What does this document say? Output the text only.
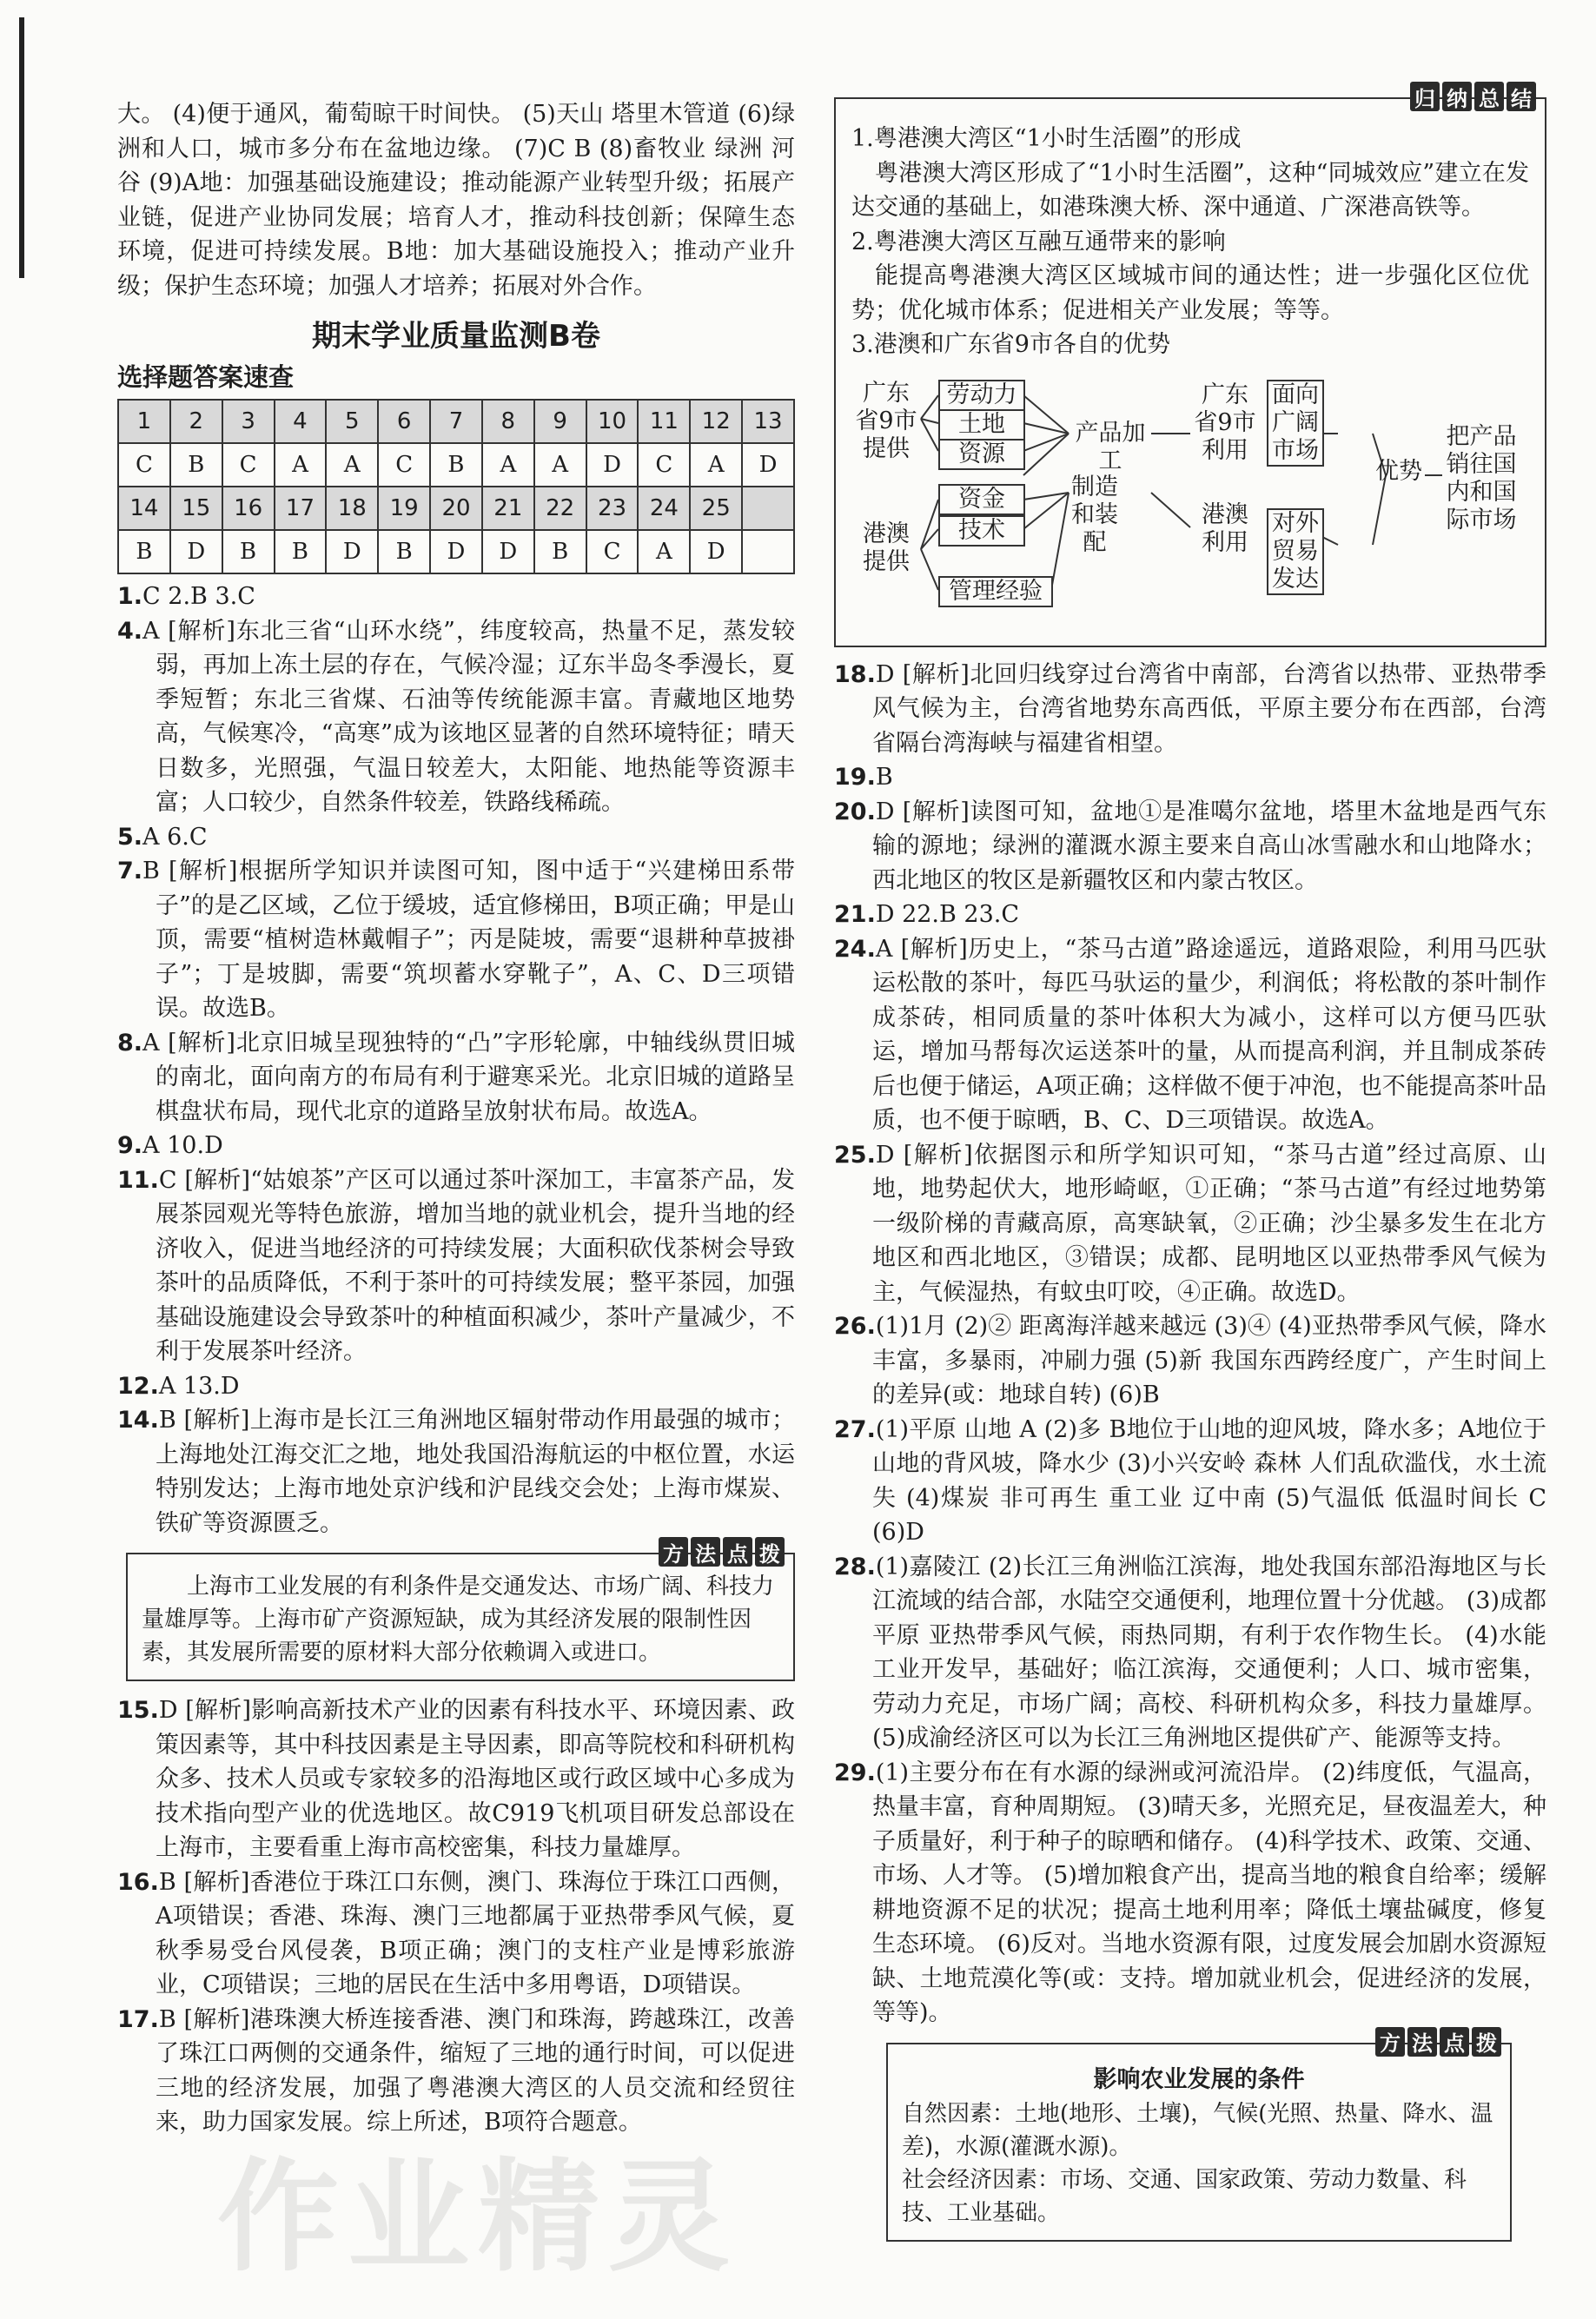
大。 (4)便于通风，葡萄晾干时间快。 (5)天山 塔里木管道 (6)绿洲和人口，城市多分布在盆地边缘。 (7)C B (8)畜牧业 绿洲 河谷 (9)A地：加强基础设施建设；推动能源产业转型升级；拓展产业链，促进产业协同发展；培育人才，推动科技创新；保障生态环境，促进可持续发展。B地：加大基础设施投入；推动产业升级；保护生态环境；加强人才培养；拓展对外合作。

期末学业质量监测B卷
选择题答案速查
1	2	3	4	5	6	7	8	9	10	11	12	13
C	B	C	A	A	C	B	A	A	D	C	A	D
14	15	16	17	18	19	20	21	22	23	24	25	
B	D	B	B	D	B	D	D	B	C	A	D	

1.C 2.B 3.C

4.A [解析]东北三省“山环水绕”，纬度较高，热量不足，蒸发较弱，再加上冻土层的存在，气候冷湿；辽东半岛冬季漫长，夏季短暂；东北三省煤、石油等传统能源丰富。青藏地区地势高，气候寒冷，“高寒”成为该地区显著的自然环境特征；晴天日数多，光照强，气温日较差大，太阳能、地热能等资源丰富；人口较少，自然条件较差，铁路线稀疏。

5.A 6.C

7.B [解析]根据所学知识并读图可知，图中适于“兴建梯田系带子”的是乙区域，乙位于缓坡，适宜修梯田，B项正确；甲是山顶，需要“植树造林戴帽子”；丙是陡坡，需要“退耕种草披褂子”；丁是坡脚，需要“筑坝蓄水穿靴子”，A、C、D三项错误。故选B。

8.A [解析]北京旧城呈现独特的“凸”字形轮廓，中轴线纵贯旧城的南北，面向南方的布局有利于避寒采光。北京旧城的道路呈棋盘状布局，现代北京的道路呈放射状布局。故选A。

9.A 10.D

11.C [解析]“姑娘茶”产区可以通过茶叶深加工，丰富茶产品，发展茶园观光等特色旅游，增加当地的就业机会，提升当地的经济收入，促进当地经济的可持续发展；大面积砍伐茶树会导致茶叶的品质降低，不利于茶叶的可持续发展；整平茶园，加强基础设施建设会导致茶叶的种植面积减少，茶叶产量减少，不利于发展茶叶经济。

12.A 13.D

14.B [解析]上海市是长江三角洲地区辐射带动作用最强的城市；上海地处江海交汇之地，地处我国沿海航运的中枢位置，水运特别发达；上海市地处京沪线和沪昆线交会处；上海市煤炭、铁矿等资源匮乏。

方 法 点 拨

上海市工业发展的有利条件是交通发达、市场广阔、科技力量雄厚等。上海市矿产资源短缺，成为其经济发展的限制性因素，其发展所需要的原材料大部分依赖调入或进口。

15.D [解析]影响高新技术产业的因素有科技水平、环境因素、政策因素等，其中科技因素是主导因素，即高等院校和科研机构众多、技术人员或专家较多的沿海地区或行政区域中心多成为技术指向型产业的优选地区。故C919飞机项目研发总部设在上海市，主要看重上海市高校密集，科技力量雄厚。

16.B [解析]香港位于珠江口东侧，澳门、珠海位于珠江口西侧，A项错误；香港、珠海、澳门三地都属于亚热带季风气候，夏秋季易受台风侵袭，B项正确；澳门的支柱产业是博彩旅游业，C项错误；三地的居民在生活中多用粤语，D项错误。

17.B [解析]港珠澳大桥连接香港、澳门和珠海，跨越珠江，改善了珠江口两侧的交通条件，缩短了三地的通行时间，可以促进三地的经济发展，加强了粤港澳大湾区的人员交流和经贸往来，助力国家发展。综上所述，B项符合题意。

归 纳 总 结

1.粤港澳大湾区“1小时生活圈”的形成

粤港澳大湾区形成了“1小时生活圈”，这种“同城效应”建立在发达交通的基础上，如港珠澳大桥、深中通道、广深港高铁等。

2.粤港澳大湾区互融互通带来的影响

能提高粤港澳大湾区区域城市间的通达性；进一步强化区位优势；优化城市体系；促进相关产业发展；等等。

3.港澳和广东省9市各自的优势

广东省9市提供
港澳提供
劳动力
土地
资源
资金
技术
管理经验
产品加工
制造和装配
广东省9市利用
港澳利用
面向广阔市场
对外贸易发达
优势
把产品销往国内和国际市场

18.D [解析]北回归线穿过台湾省中南部，台湾省以热带、亚热带季风气候为主，台湾省地势东高西低，平原主要分布在西部，台湾省隔台湾海峡与福建省相望。

19.B

20.D [解析]读图可知，盆地①是准噶尔盆地，塔里木盆地是西气东输的源地；绿洲的灌溉水源主要来自高山冰雪融水和山地降水；西北地区的牧区是新疆牧区和内蒙古牧区。

21.D 22.B 23.C

24.A [解析]历史上，“茶马古道”路途遥远，道路艰险，利用马匹驮运松散的茶叶，每匹马驮运的量少，利润低；将松散的茶叶制作成茶砖，相同质量的茶叶体积大为减小，这样可以方便马匹驮运，增加马帮每次运送茶叶的量，从而提高利润，并且制成茶砖后也便于储运，A项正确；这样做不便于冲泡，也不能提高茶叶品质，也不便于晾晒，B、C、D三项错误。故选A。

25.D [解析]依据图示和所学知识可知，“茶马古道”经过高原、山地，地势起伏大，地形崎岖，①正确；“茶马古道”有经过地势第一级阶梯的青藏高原，高寒缺氧，②正确；沙尘暴多发生在北方地区和西北地区，③错误；成都、昆明地区以亚热带季风气候为主，气候湿热，有蚊虫叮咬，④正确。故选D。

26.(1)1月 (2)② 距离海洋越来越远 (3)④ (4)亚热带季风气候，降水丰富，多暴雨，冲刷力强 (5)新 我国东西跨经度广，产生时间上的差异(或：地球自转) (6)B

27.(1)平原 山地 A (2)多 B地位于山地的迎风坡，降水多；A地位于山地的背风坡，降水少 (3)小兴安岭 森林 人们乱砍滥伐，水土流失 (4)煤炭 非可再生 重工业 辽中南 (5)气温低 低温时间长 C (6)D

28.(1)嘉陵江 (2)长江三角洲临江滨海，地处我国东部沿海地区与长江流域的结合部，水陆空交通便利，地理位置十分优越。 (3)成都平原 亚热带季风气候，雨热同期，有利于农作物生长。 (4)水能 工业开发早，基础好；临江滨海，交通便利；人口、城市密集，劳动力充足，市场广阔；高校、科研机构众多，科技力量雄厚。 (5)成渝经济区可以为长江三角洲地区提供矿产、能源等支持。

29.(1)主要分布在有水源的绿洲或河流沿岸。 (2)纬度低，气温高，热量丰富，育种周期短。 (3)晴天多，光照充足，昼夜温差大，种子质量好，利于种子的晾晒和储存。 (4)科学技术、政策、交通、市场、人才等。 (5)增加粮食产出，提高当地的粮食自给率；缓解耕地资源不足的状况；提高土地利用率；降低土壤盐碱度，修复生态环境。 (6)反对。当地水资源有限，过度发展会加剧水资源短缺、土地荒漠化等(或：支持。增加就业机会，促进经济的发展，等等)。

方 法 点 拨
影响农业发展的条件

自然因素：土地(地形、土壤)，气候(光照、热量、降水、温差)，水源(灌溉水源)。

社会经济因素：市场、交通、国家政策、劳动力数量、科技、工业基础。

作业精灵
